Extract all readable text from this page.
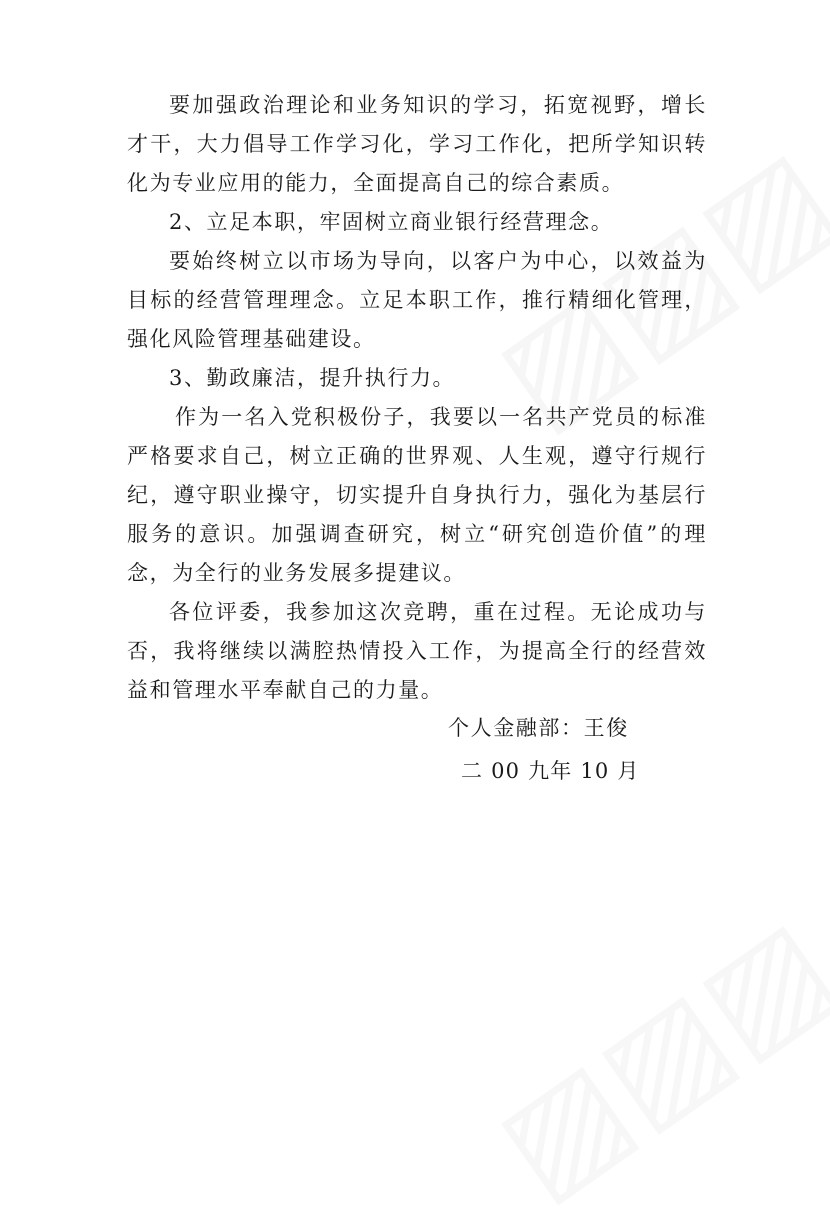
要加强政治理论和业务知识的学习，拓宽视野，增长才干，大力倡导工作学习化，学习工作化，把所学知识转化为专业应用的能力，全面提高自己的综合素质。

2、立足本职，牢固树立商业银行经营理念。

要始终树立以市场为导向，以客户为中心，以效益为目标的经营管理理念。立足本职工作，推行精细化管理，强化风险管理基础建设。

3、勤政廉洁，提升执行力。

作为一名入党积极份子，我要以一名共产党员的标准严格要求自己，树立正确的世界观、人生观，遵守行规行纪，遵守职业操守，切实提升自身执行力，强化为基层行服务的意识。加强调查研究，树立“研究创造价值”的理念，为全行的业务发展多提建议。

各位评委，我参加这次竞聘，重在过程。无论成功与否，我将继续以满腔热情投入工作，为提高全行的经营效益和管理水平奉献自己的力量。

个人金融部：王俊

二 00 九年 10 月
